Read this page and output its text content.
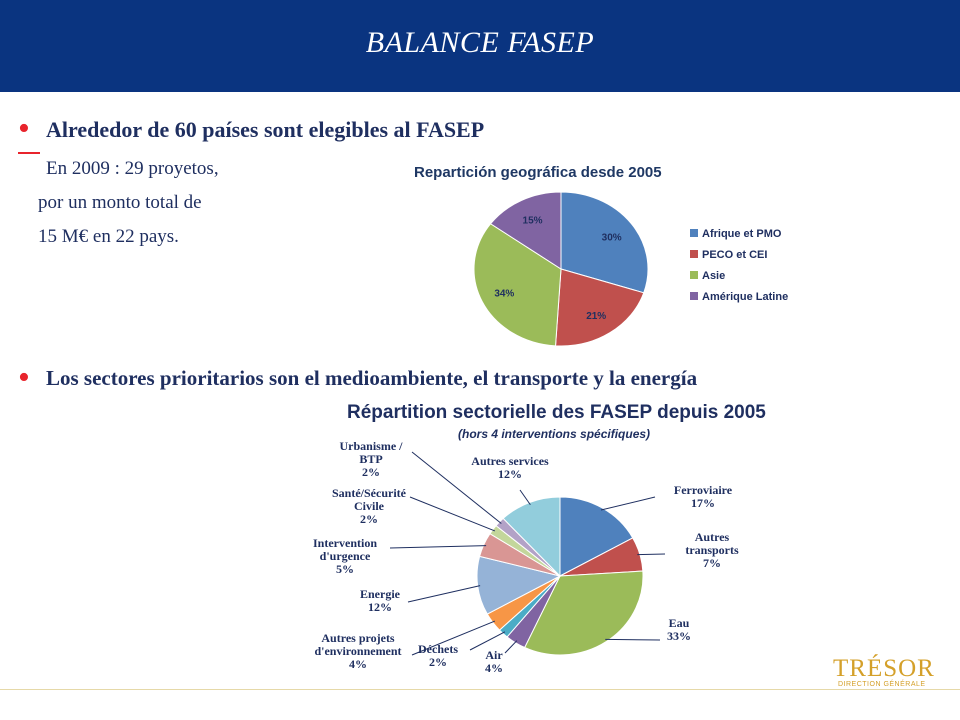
BALANCE FASEP
• Alrededor de 60 países sont elegibles al FASEP
En 2009 : 29 proyetos,
por un monto total de
15 M€ en 22 pays.
Repartición geográfica desde 2005
• Los sectores prioritarios son el medioambiente, el transporte y la energía
Répartition sectorielle des FASEP depuis 2005
(hors 4 interventions spécifiques)
30%
21%
34%
15%
Afrique et PMO
PECO et CEI
Asie
Amérique Latine
Ferroviaire 17%
Autres transports 7%
Eau 33%
Air 4%
Déchets 2%
Autres projets d'environnement 4%
Energie 12%
Intervention d'urgence 5%
Santé/Sécurité Civile 2%
Urbanisme / BTP 2%
Autres services 12%
TRÉSOR
DIRECTION GÉNÉRALE
